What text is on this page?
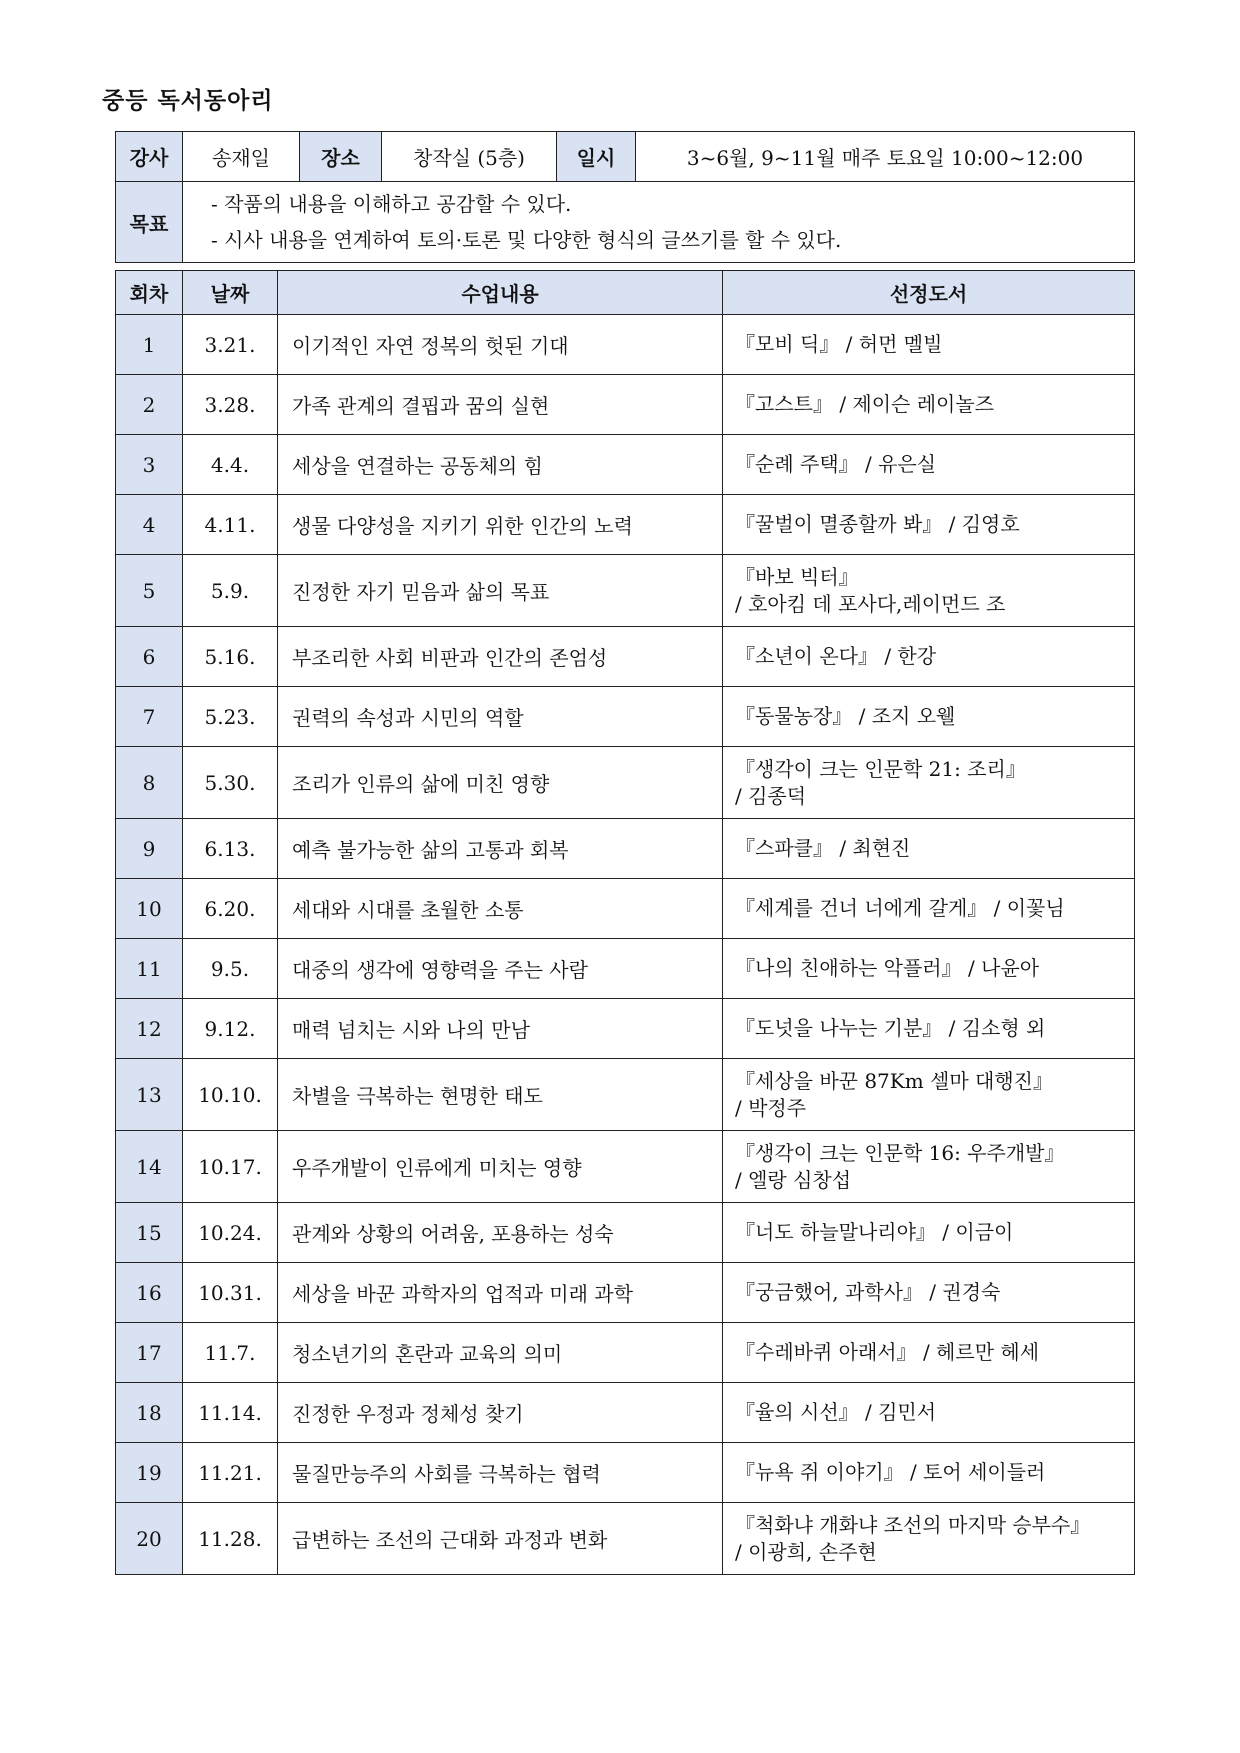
중등 독서동아리
강사	송재일	장소	창작실 (5층)	일시	3~6월, 9~11월 매주 토요일 10:00~12:00
목표	- 작품의 내용을 이해하고 공감할 수 있다.
- 시사 내용을 연계하여 토의·토론 및 다양한 형식의 글쓰기를 할 수 있다.				
회차	날짜	수업내용	선정도서
1	3.21.	이기적인 자연 정복의 헛된 기대	『모비 딕』 / 허먼 멜빌

2	3.28.	가족 관계의 결핍과 꿈의 실현	『고스트』 / 제이슨 레이놀즈

3	4.4.	세상을 연결하는 공동체의 힘	『순례 주택』 / 유은실

4	4.11.	생물 다양성을 지키기 위한 인간의 노력	『꿀벌이 멸종할까 봐』 / 김영호

5	5.9.	진정한 자기 믿음과 삶의 목표	『바보 빅터』
/ 호아킴 데 포사다,레이먼드 조

6	5.16.	부조리한 사회 비판과 인간의 존엄성	『소년이 온다』 / 한강

7	5.23.	권력의 속성과 시민의 역할	『동물농장』 / 조지 오웰

8	5.30.	조리가 인류의 삶에 미친 영향	『생각이 크는 인문학 21: 조리』
/ 김종덕

9	6.13.	예측 불가능한 삶의 고통과 회복	『스파클』 / 최현진

10	6.20.	세대와 시대를 초월한 소통	『세계를 건너 너에게 갈게』 / 이꽃님

11	9.5.	대중의 생각에 영향력을 주는 사람	『나의 친애하는 악플러』 / 나윤아

12	9.12.	매력 넘치는 시와 나의 만남	『도넛을 나누는 기분』 / 김소형 외

13	10.10.	차별을 극복하는 현명한 태도	『세상을 바꾼 87Km 셀마 대행진』
/ 박정주

14	10.17.	우주개발이 인류에게 미치는 영향	『생각이 크는 인문학 16: 우주개발』
/ 엘랑 심창섭

15	10.24.	관계와 상황의 어려움, 포용하는 성숙	『너도 하늘말나리야』 / 이금이

16	10.31.	세상을 바꾼 과학자의 업적과 미래 과학	『궁금했어, 과학사』 / 권경숙

17	11.7.	청소년기의 혼란과 교육의 의미	『수레바퀴 아래서』 / 헤르만 헤세

18	11.14.	진정한 우정과 정체성 찾기	『율의 시선』 / 김민서

19	11.21.	물질만능주의 사회를 극복하는 협력	『뉴욕 쥐 이야기』 / 토어 세이들러

20	11.28.	급변하는 조선의 근대화 과정과 변화	『척화냐 개화냐 조선의 마지막 승부수』
/ 이광희, 손주현
